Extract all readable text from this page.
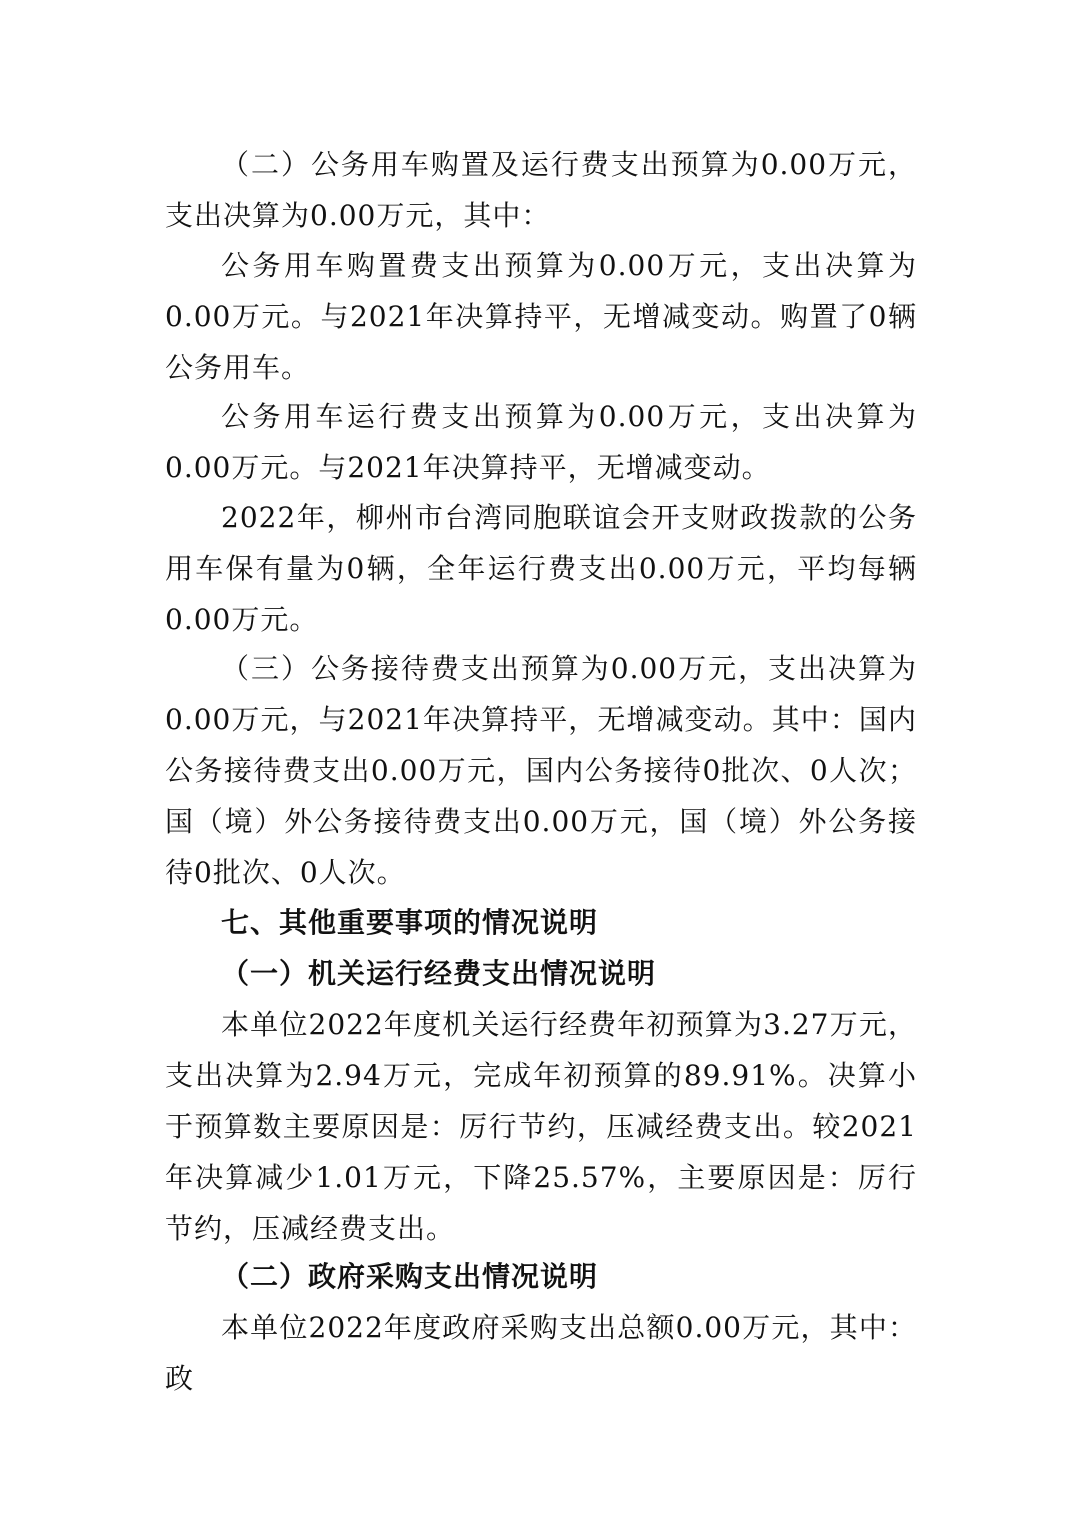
（二）公务用车购置及运行费支出预算为0.00万元，支出决算为0.00万元，其中：

公务用车购置费支出预算为0.00万元，支出决算为0.00万元。与2021年决算持平，无增减变动。购置了0辆公务用车。

公务用车运行费支出预算为0.00万元，支出决算为0.00万元。与2021年决算持平，无增减变动。

2022年，柳州市台湾同胞联谊会开支财政拨款的公务用车保有量为0辆，全年运行费支出0.00万元，平均每辆0.00万元。

（三）公务接待费支出预算为0.00万元，支出决算为0.00万元，与2021年决算持平，无增减变动。其中：国内公务接待费支出0.00万元，国内公务接待0批次、0人次；国（境）外公务接待费支出0.00万元，国（境）外公务接待0批次、0人次。

七、其他重要事项的情况说明

（一）机关运行经费支出情况说明

本单位2022年度机关运行经费年初预算为3.27万元，支出决算为2.94万元，完成年初预算的89.91%。决算小于预算数主要原因是：厉行节约，压减经费支出。较2021年决算减少1.01万元，下降25.57%，主要原因是：厉行节约，压减经费支出。

（二）政府采购支出情况说明

本单位2022年度政府采购支出总额0.00万元，其中：政
